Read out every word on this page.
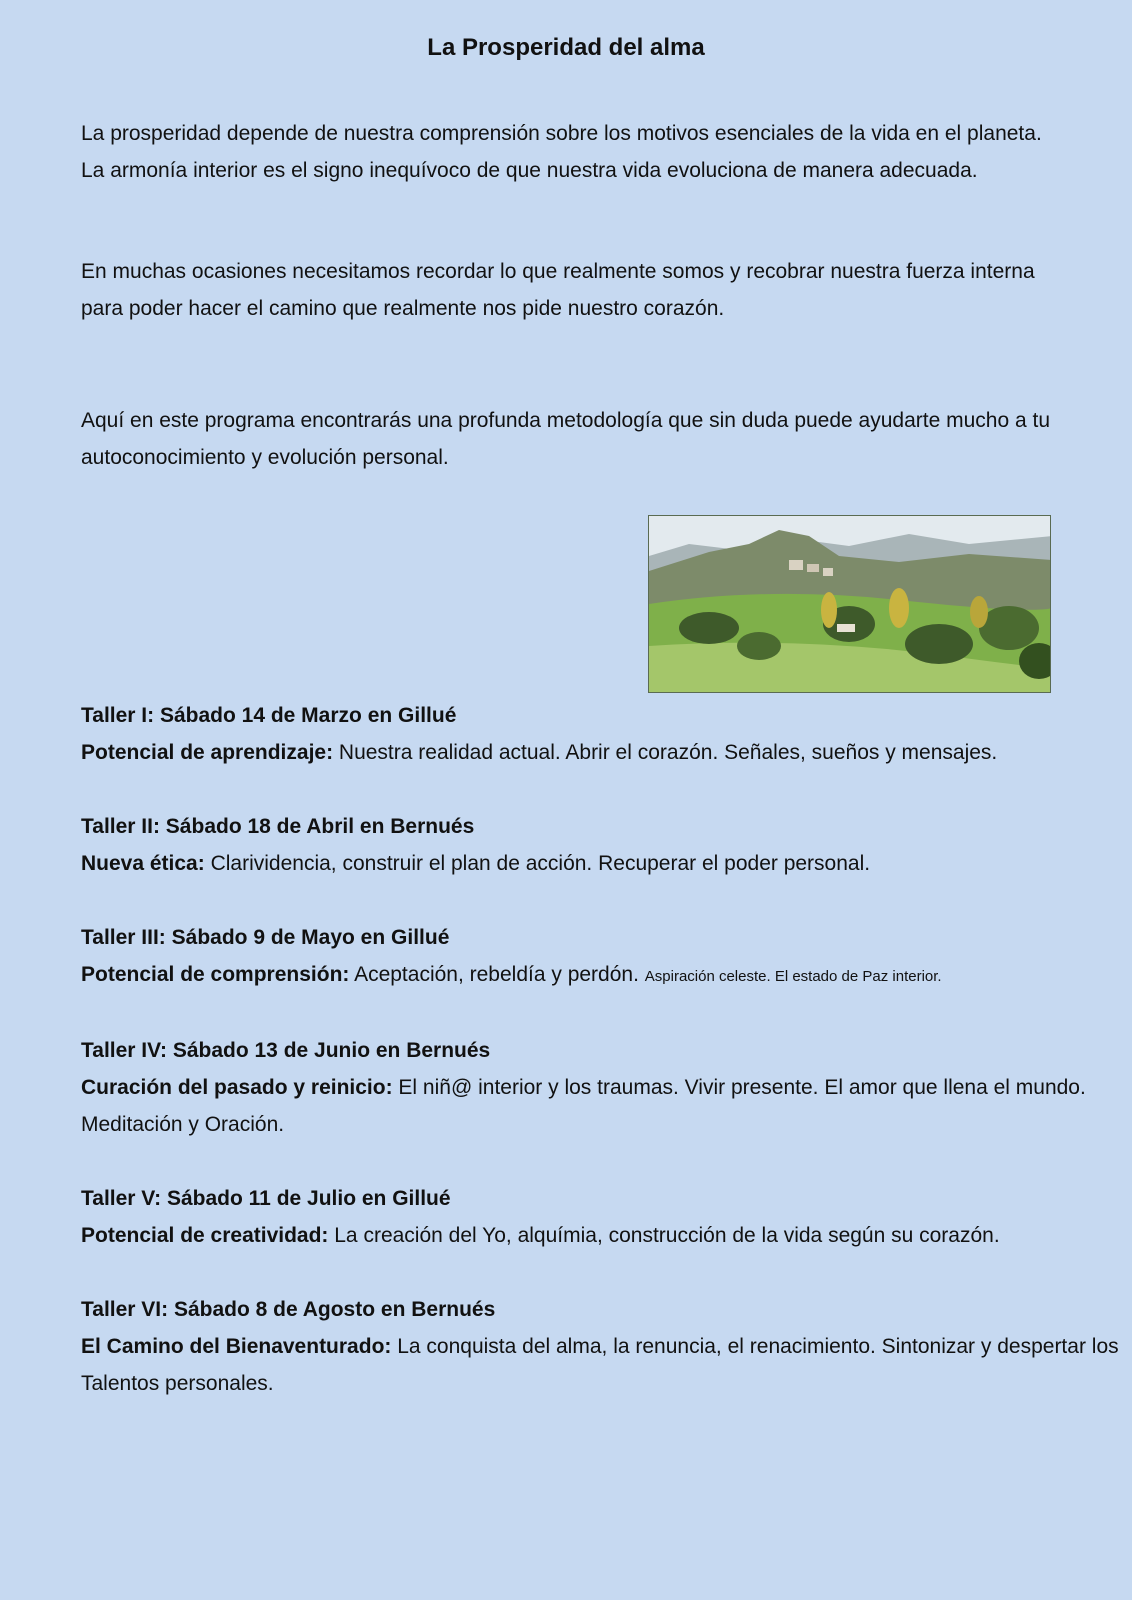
La Prosperidad del alma

La prosperidad depende de nuestra comprensión sobre los motivos esenciales de la vida en el planeta. La armonía interior es el signo inequívoco de que nuestra vida evoluciona de manera adecuada.

En muchas ocasiones necesitamos recordar lo que realmente somos y recobrar nuestra fuerza interna para poder hacer el camino que realmente nos pide nuestro corazón.

Aquí en este programa encontrarás una profunda metodología que sin duda puede ayudarte mucho a tu autoconocimiento y evolución personal.

Taller I: Sábado 14 de Marzo en Gillué
Potencial de aprendizaje: Nuestra realidad actual. Abrir el corazón. Señales, sueños y mensajes.

Taller II: Sábado 18 de Abril en Bernués
Nueva ética: Clarividencia, construir el plan de acción. Recuperar el poder personal.

Taller III: Sábado 9 de Mayo en Gillué
Potencial de comprensión: Aceptación, rebeldía y perdón. Aspiración celeste. El estado de Paz interior.

Taller IV: Sábado 13 de Junio en Bernués
Curación del pasado y reinicio: El niñ@ interior y los traumas. Vivir presente. El amor que llena el mundo. Meditación y Oración.

Taller V: Sábado 11 de Julio en Gillué
Potencial de creatividad: La creación del Yo, alquímia, construcción de la vida según su corazón.

Taller VI: Sábado 8 de Agosto en Bernués
El Camino del Bienaventurado: La conquista del alma, la renuncia, el renacimiento. Sintonizar y despertar los Talentos personales.
